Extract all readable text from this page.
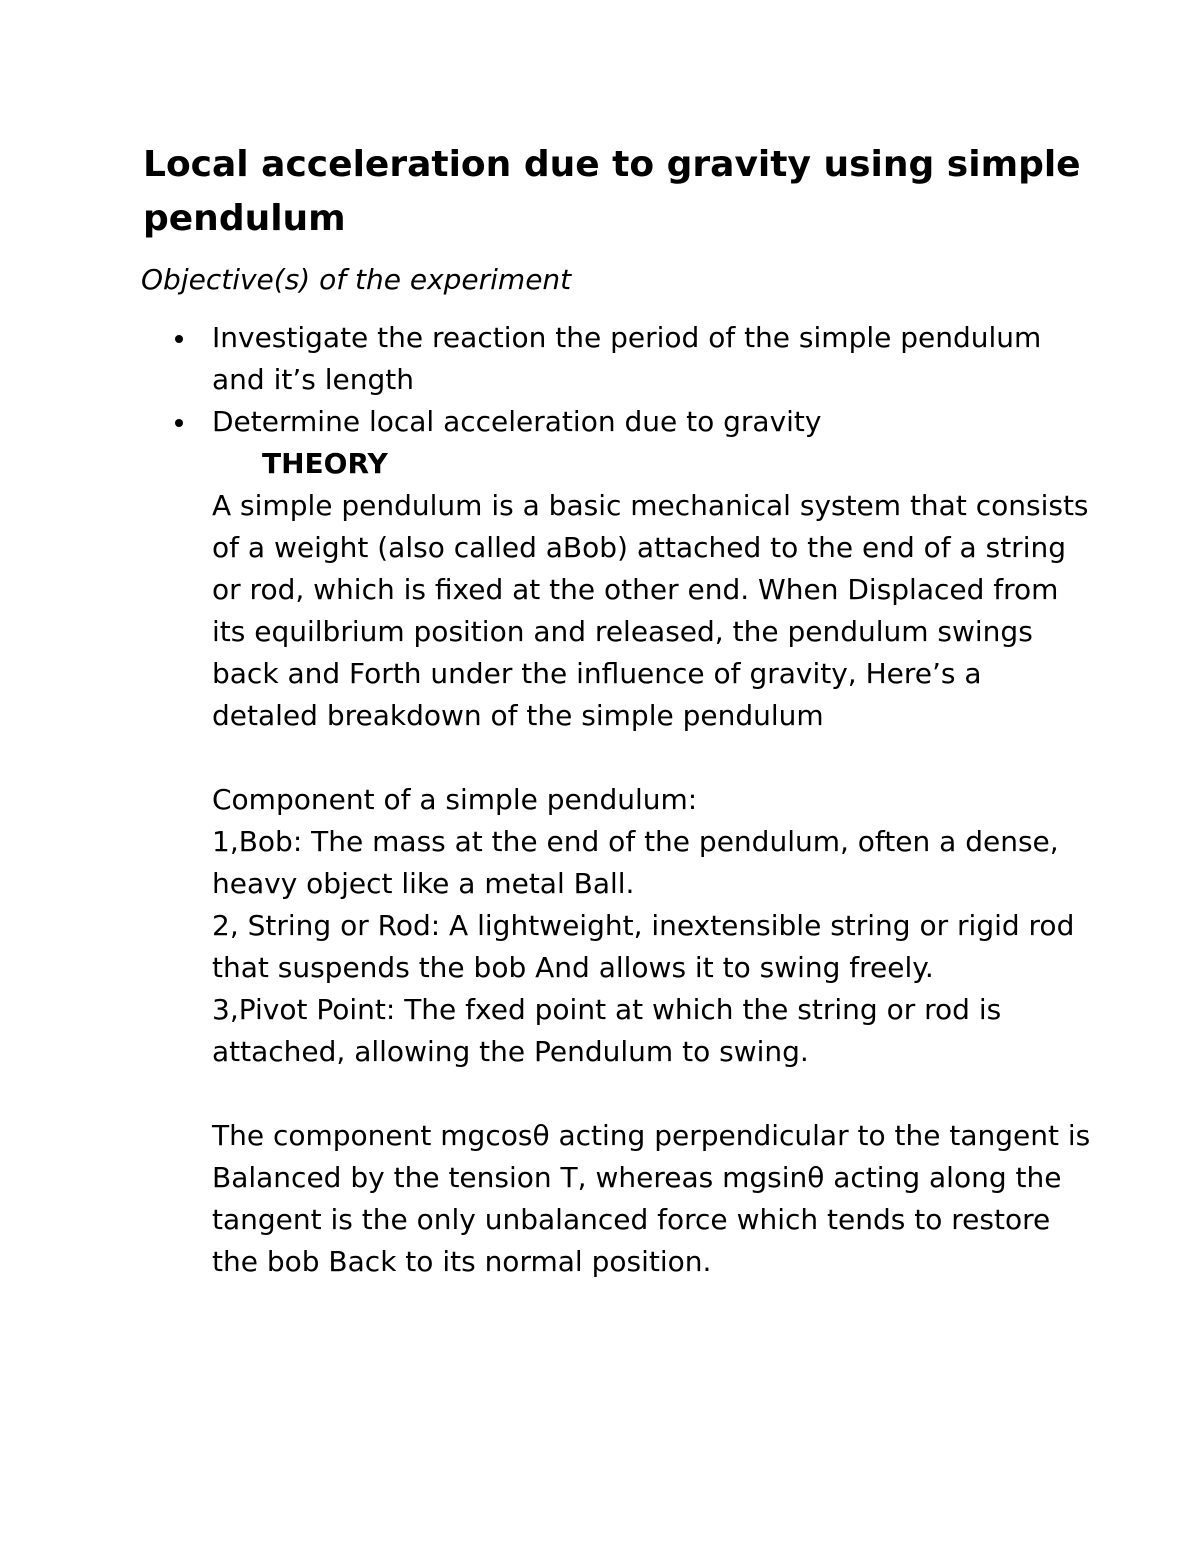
Local acceleration due to gravity using simple pendulum

Objective(s) of the experiment

Investigate the reaction the period of the simple pendulum and it’s length
Determine local acceleration due to gravity

THEORY

A simple pendulum is a basic mechanical system that consists of a weight (also called aBob) attached to the end of a string or rod, which is fixed at the other end. When Displaced from its equilbrium position and released, the pendulum swings back and Forth under the influence of gravity, Here’s a detaled breakdown of the simple pendulum

Component of a simple pendulum:

1,Bob: The mass at the end of the pendulum, often a dense, heavy object like a metal Ball.

2, String or Rod: A lightweight, inextensible string or rigid rod that suspends the bob And allows it to swing freely.

3,Pivot Point: The fxed point at which the string or rod is attached, allowing the Pendulum to swing.

The component mgcosθ acting perpendicular to the tangent is

Balanced by the tension T, whereas mgsinθ acting along the tangent is the only unbalanced force which tends to restore the bob Back to its normal position.
